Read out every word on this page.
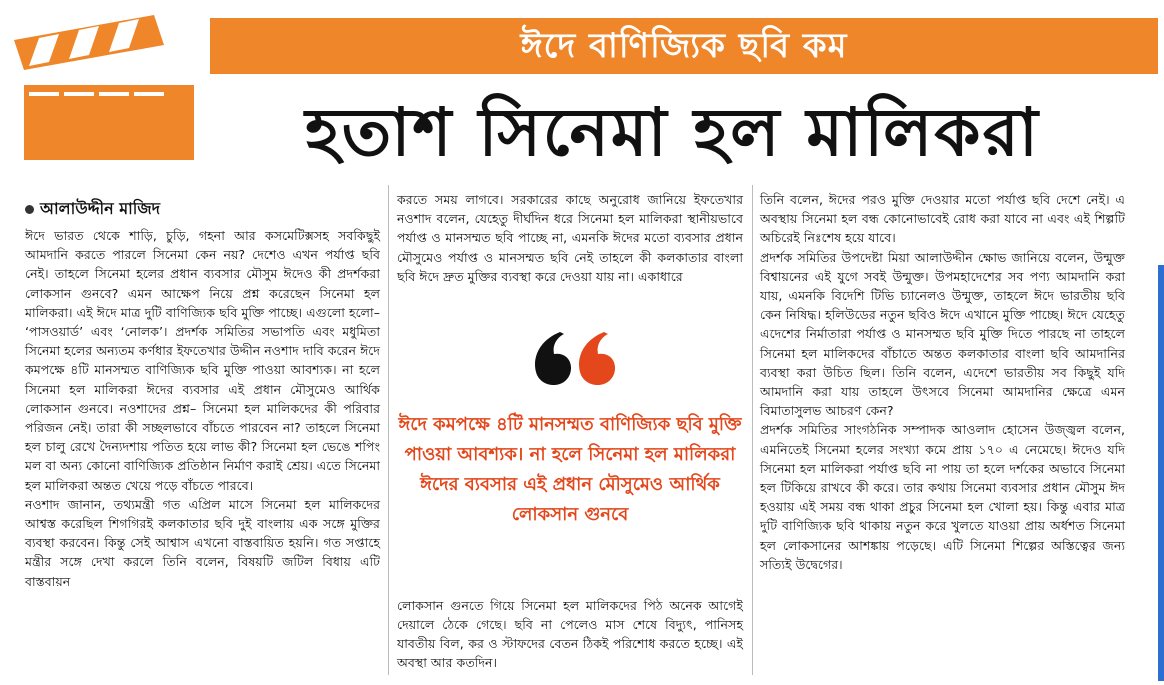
ঈদে বাণিজ্যিক ছবি কম
হতাশ সিনেমা হল মালিকরা
আলাউদ্দীন মাজিদ

ঈদে ভারত থেকে শাড়ি, চুড়ি, গহনা আর কসমেটিক্সসহ সবকিছুই আমদানি করতে পারলে সিনেমা কেন নয়? দেশেও এখন পর্যাপ্ত ছবি নেই। তাহলে সিনেমা হলের প্রধান ব্যবসার মৌসুম ঈদেও কী প্রদর্শকরা লোকসান গুনবে? এমন আক্ষেপ নিয়ে প্রশ্ন করেছেন সিনেমা হল মালিকরা। এই ঈদে মাত্র দুটি বাণিজ্যিক ছবি মুক্তি পাচ্ছে। এগুলো হলো– ‘পাসওয়ার্ড’ এবং ‘নোলক’। প্রদর্শক সমিতির সভাপতি এবং মধুমিতা সিনেমা হলের অন্যতম কর্ণধার ইফতেখার উদ্দীন নওশাদ দাবি করেন ঈদে কমপক্ষে ৪টি মানসম্মত বাণিজ্যিক ছবি মুক্তি পাওয়া আবশ্যক। না হলে সিনেমা হল মালিকরা ঈদের ব্যবসার এই প্রধান মৌসুমেও আর্থিক লোকসান গুনবে। নওশাদের প্রশ্ন– সিনেমা হল মালিকদের কী পরিবার পরিজন নেই। তারা কী সচ্ছলভাবে বাঁচতে পারবেন না? তাহলে সিনেমা হল চালু রেখে দৈন্যদশায় পতিত হয়ে লাভ কী? সিনেমা হল ভেঙে শপিং মল বা অন্য কোনো বাণিজ্যিক প্রতিষ্ঠান নির্মাণ করাই শ্রেয়। এতে সিনেমা হল মালিকরা অন্তত খেয়ে পড়ে বাঁচতে পারবে।

নওশাদ জানান, তথ্যমন্ত্রী গত এপ্রিল মাসে সিনেমা হল মালিকদের আশ্বস্ত করেছিল শিগগিরই কলকাতার ছবি দুই বাংলায় এক সঙ্গে মুক্তির ব্যবস্থা করবেন। কিন্তু সেই আশ্বাস এখনো বাস্তবায়িত হয়নি। গত সপ্তাহে মন্ত্রীর সঙ্গে দেখা করলে তিনি বলেন, বিষয়টি জটিল বিধায় এটি বাস্তবায়ন

করতে সময় লাগবে। সরকারের কাছে অনুরোধ জানিয়ে ইফতেখার নওশাদ বলেন, যেহেতু দীর্ঘদিন ধরে সিনেমা হল মালিকরা স্থানীয়ভাবে পর্যাপ্ত ও মানসম্মত ছবি পাচ্ছে না, এমনকি ঈদের মতো ব্যবসার প্রধান মৌসুমেও পর্যাপ্ত ও মানসম্মত ছবি নেই তাহলে কী কলকাতার বাংলা ছবি ঈদে দ্রুত মুক্তির ব্যবস্থা করে দেওয়া যায় না। একাধারে

ঈদে কমপক্ষে ৪টি মানসম্মত বাণিজ্যিক ছবি মুক্তি পাওয়া আবশ্যক। না হলে সিনেমা হল মালিকরা ঈদের ব্যবসার এই প্রধান মৌসুমেও আর্থিক লোকসান গুনবে

লোকসান গুনতে গিয়ে সিনেমা হল মালিকদের পিঠ অনেক আগেই দেয়ালে ঠেকে গেছে। ছবি না পেলেও মাস শেষে বিদ্যুৎ, পানিসহ যাবতীয় বিল, কর ও স্টাফদের বেতন ঠিকই পরিশোধ করতে হচ্ছে। এই অবস্থা আর কতদিন।

তিনি বলেন, ঈদের পরও মুক্তি দেওয়ার মতো পর্যাপ্ত ছবি দেশে নেই। এ অবস্থায় সিনেমা হল বন্ধ কোনোভাবেই রোধ করা যাবে না এবং এই শিল্পটি অচিরেই নিঃশেষ হয়ে যাবে।

প্রদর্শক সমিতির উপদেষ্টা মিয়া আলাউদ্দীন ক্ষোভ জানিয়ে বলেন, উন্মুক্ত বিশ্বায়নের এই যুগে সবই উন্মুক্ত। উপমহাদেশের সব পণ্য আমদানি করা যায়, এমনকি বিদেশি টিভি চ্যানেলও উন্মুক্ত, তাহলে ঈদে ভারতীয় ছবি কেন নিষিদ্ধ। হলিউডের নতুন ছবিও ঈদে এখানে মুক্তি পাচ্ছে। ঈদে যেহেতু এদেশের নির্মাতারা পর্যাপ্ত ও মানসম্মত ছবি মুক্তি দিতে পারছে না তাহলে সিনেমা হল মালিকদের বাঁচাতে অন্তত কলকাতার বাংলা ছবি আমদানির ব্যবস্থা করা উচিত ছিল। তিনি বলেন, এদেশে ভারতীয় সব কিছুই যদি আমদানি করা যায় তাহলে উৎসবে সিনেমা আমদানির ক্ষেত্রে এমন বিমাতাসুলভ আচরণ কেন?

প্রদর্শক সমিতির সাংগঠনিক সম্পাদক আওলাদ হোসেন উজ্জ্বল বলেন, এমনিতেই সিনেমা হলের সংখ্যা কমে প্রায় ১৭০ এ নেমেছে। ঈদেও যদি সিনেমা হল মালিকরা পর্যাপ্ত ছবি না পায় তা হলে দর্শকের অভাবে সিনেমা হল টিকিয়ে রাখবে কী করে। তার কথায় সিনেমা ব্যবসার প্রধান মৌসুম ঈদ হওয়ায় এই সময় বন্ধ থাকা প্রচুর সিনেমা হল খোলা হয়। কিন্তু এবার মাত্র দুটি বাণিজ্যিক ছবি থাকায় নতুন করে খুলতে যাওয়া প্রায় অর্ধশত সিনেমা হল লোকসানের আশঙ্কায় পড়েছে। এটি সিনেমা শিল্পের অস্তিত্বের জন্য সত্যিই উদ্বেগের।
